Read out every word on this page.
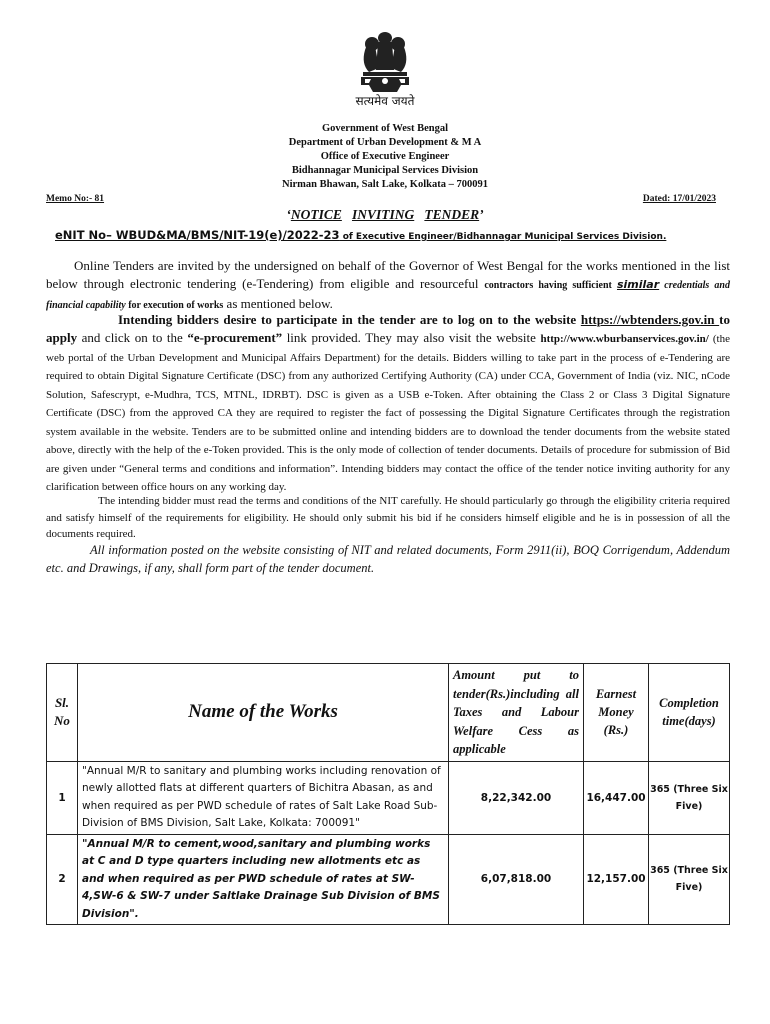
सत्यमेव जयते
Government of West Bengal
Department of Urban Development & M A
Office of Executive Engineer
Bidhannagar Municipal Services Division
Nirman Bhawan, Salt Lake, Kolkata – 700091
Memo No:- 81	Dated: 17/01/2023
‘NOTICE INVITING TENDER’
eNIT No– WBUD&MA/BMS/NIT-19(e)/2022-23 of Executive Engineer/Bidhannagar Municipal Services Division.
Online Tenders are invited by the undersigned on behalf of the Governor of West Bengal for the works mentioned in the list below through electronic tendering (e-Tendering) from eligible and resourceful contractors having sufficient similar credentials and financial capability for execution of works as mentioned below.
Intending bidders desire to participate in the tender are to log on to the website https://wbtenders.gov.in to apply and click on to the “e-procurement” link provided. They may also visit the website http://www.wburbanservices.gov.in/ (the web portal of the Urban Development and Municipal Affairs Department) for the details. Bidders willing to take part in the process of e-Tendering are required to obtain Digital Signature Certificate (DSC) from any authorized Certifying Authority (CA) under CCA, Government of India (viz. NIC, nCode Solution, Safescrypt, e-Mudhra, TCS, MTNL, IDRBT). DSC is given as a USB e-Token. After obtaining the Class 2 or Class 3 Digital Signature Certificate (DSC) from the approved CA they are required to register the fact of possessing the Digital Signature Certificates through the registration system available in the website. Tenders are to be submitted online and intending bidders are to download the tender documents from the website stated above, directly with the help of the e-Token provided. This is the only mode of collection of tender documents. Details of procedure for submission of Bid are given under “General terms and conditions and information”. Intending bidders may contact the office of the tender notice inviting authority for any clarification between office hours on any working day.
The intending bidder must read the terms and conditions of the NIT carefully. He should particularly go through the eligibility criteria required and satisfy himself of the requirements for eligibility. He should only submit his bid if he considers himself eligible and he is in possession of all the documents required.
All information posted on the website consisting of NIT and related documents, Form 2911(ii), BOQ Corrigendum, Addendum etc. and Drawings, if any, shall form part of the tender document.
Sl. No	Name of the Works	Amount put to tender(Rs.)including all Taxes and Labour Welfare Cess as applicable	Earnest Money (Rs.)	Completion time(days)
1	"Annual M/R to sanitary and plumbing works including renovation of newly allotted flats at different quarters of Bichitra Abasan, as and when required as per PWD schedule of rates of Salt Lake Road Sub-Division of BMS Division, Salt Lake, Kolkata: 700091"	8,22,342.00	16,447.00	365 (Three Six Five)
2	"Annual M/R to cement,wood,sanitary and plumbing works at C and D type quarters including new allotments etc as and when required as per PWD schedule of rates at SW-4,SW-6 & SW-7 under Saltlake Drainage Sub Division of BMS Division".	6,07,818.00	12,157.00	365 (Three Six Five)
